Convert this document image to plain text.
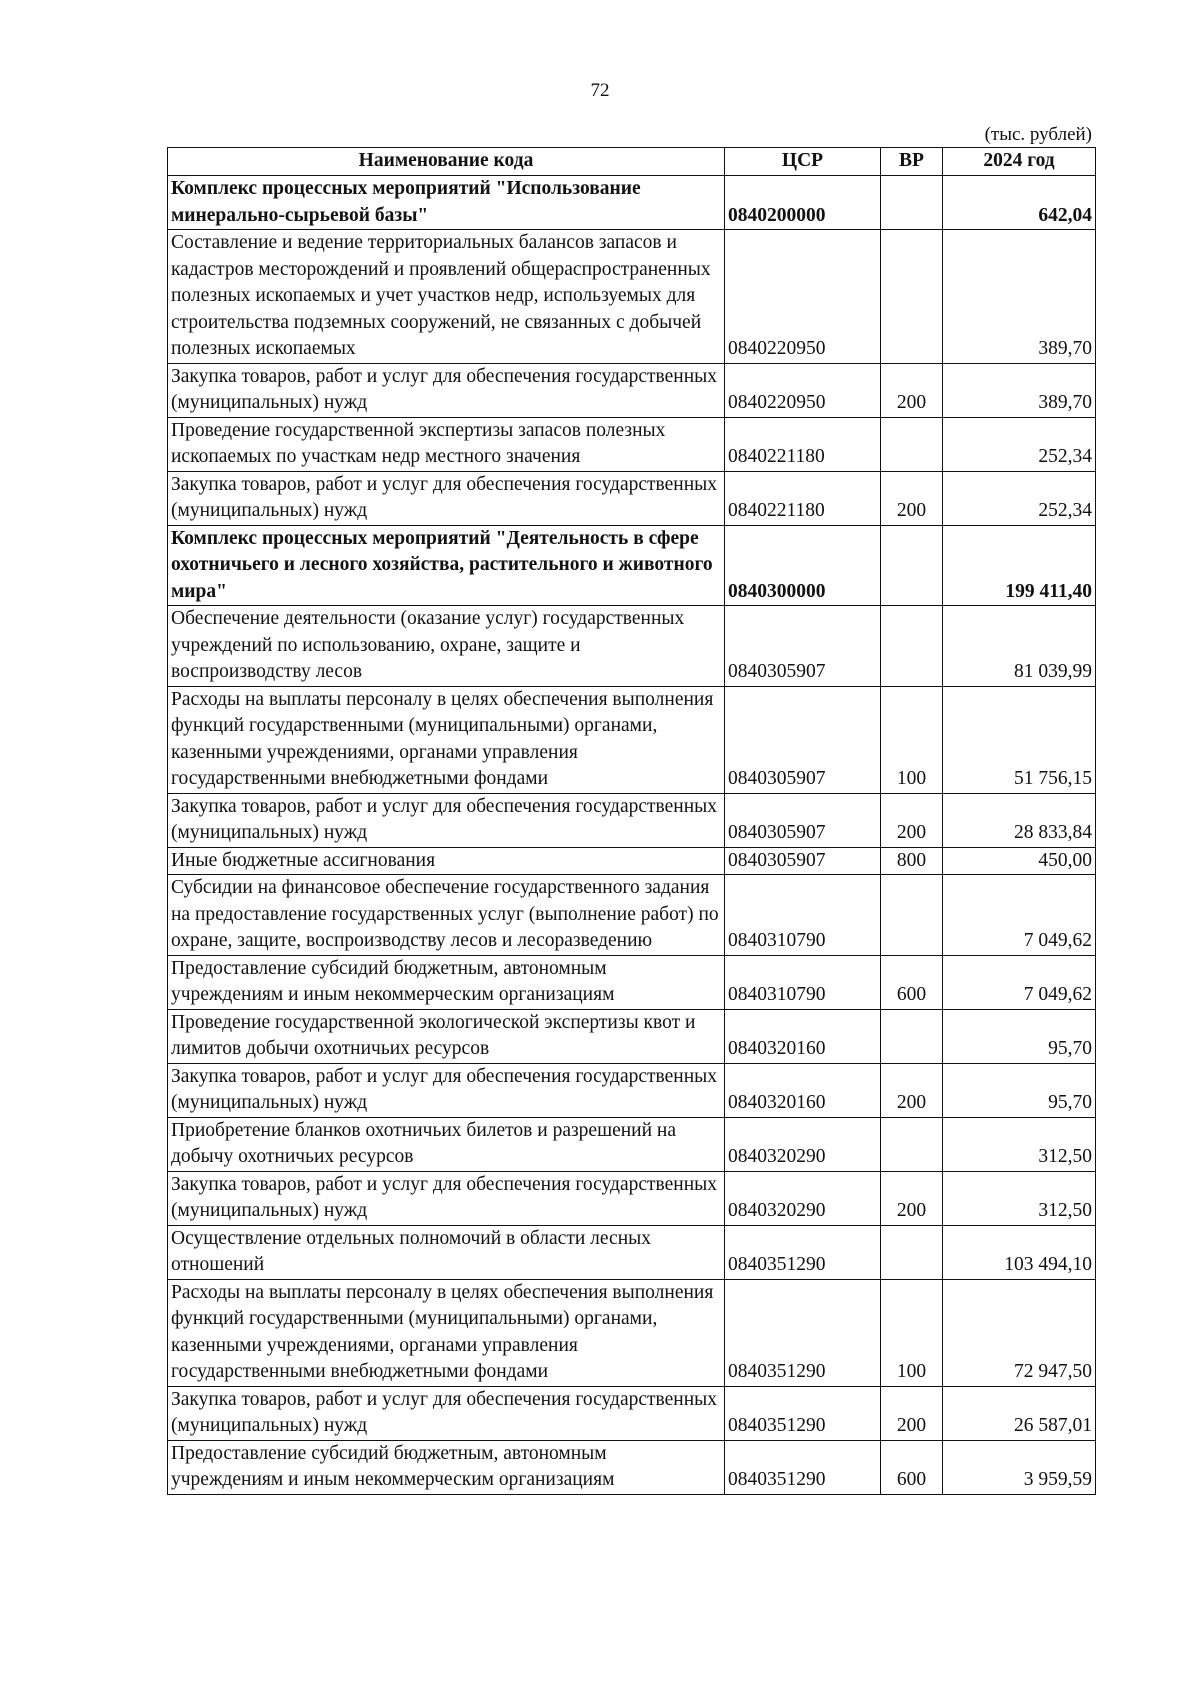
72
(тыс. рублей)
Наименование кода	ЦСР	ВР	2024 год
Комплекс процессных мероприятий "Использование минерально-сырьевой базы"	0840200000		642,04
Составление и ведение территориальных балансов запасов и кадастров месторождений и проявлений общераспространенных полезных ископаемых и учет участков недр, используемых для строительства подземных сооружений, не связанных с добычей полезных ископаемых	0840220950		389,70
Закупка товаров, работ и услуг для обеспечения государственных (муниципальных) нужд	0840220950	200	389,70
Проведение государственной экспертизы запасов полезных ископаемых по участкам недр местного значения	0840221180		252,34
Закупка товаров, работ и услуг для обеспечения государственных (муниципальных) нужд	0840221180	200	252,34
Комплекс процессных мероприятий "Деятельность в сфере охотничьего и лесного хозяйства, растительного и животного мира"	0840300000		199 411,40
Обеспечение деятельности (оказание услуг) государственных учреждений по использованию, охране, защите и воспроизводству лесов	0840305907		81 039,99
Расходы на выплаты персоналу в целях обеспечения выполнения функций государственными (муниципальными) органами, казенными учреждениями, органами управления государственными внебюджетными фондами	0840305907	100	51 756,15
Закупка товаров, работ и услуг для обеспечения государственных (муниципальных) нужд	0840305907	200	28 833,84
Иные бюджетные ассигнования	0840305907	800	450,00
Субсидии на финансовое обеспечение государственного задания на предоставление государственных услуг (выполнение работ) по охране, защите, воспроизводству лесов и лесоразведению	0840310790		7 049,62
Предоставление субсидий бюджетным, автономным учреждениям и иным некоммерческим организациям	0840310790	600	7 049,62
Проведение государственной экологической экспертизы квот и лимитов добычи охотничьих ресурсов	0840320160		95,70
Закупка товаров, работ и услуг для обеспечения государственных (муниципальных) нужд	0840320160	200	95,70
Приобретение бланков охотничьих билетов и разрешений на добычу охотничьих ресурсов	0840320290		312,50
Закупка товаров, работ и услуг для обеспечения государственных (муниципальных) нужд	0840320290	200	312,50
Осуществление отдельных полномочий в области лесных отношений	0840351290		103 494,10
Расходы на выплаты персоналу в целях обеспечения выполнения функций государственными (муниципальными) органами, казенными учреждениями, органами управления государственными внебюджетными фондами	0840351290	100	72 947,50
Закупка товаров, работ и услуг для обеспечения государственных (муниципальных) нужд	0840351290	200	26 587,01
Предоставление субсидий бюджетным, автономным учреждениям и иным некоммерческим организациям	0840351290	600	3 959,59
